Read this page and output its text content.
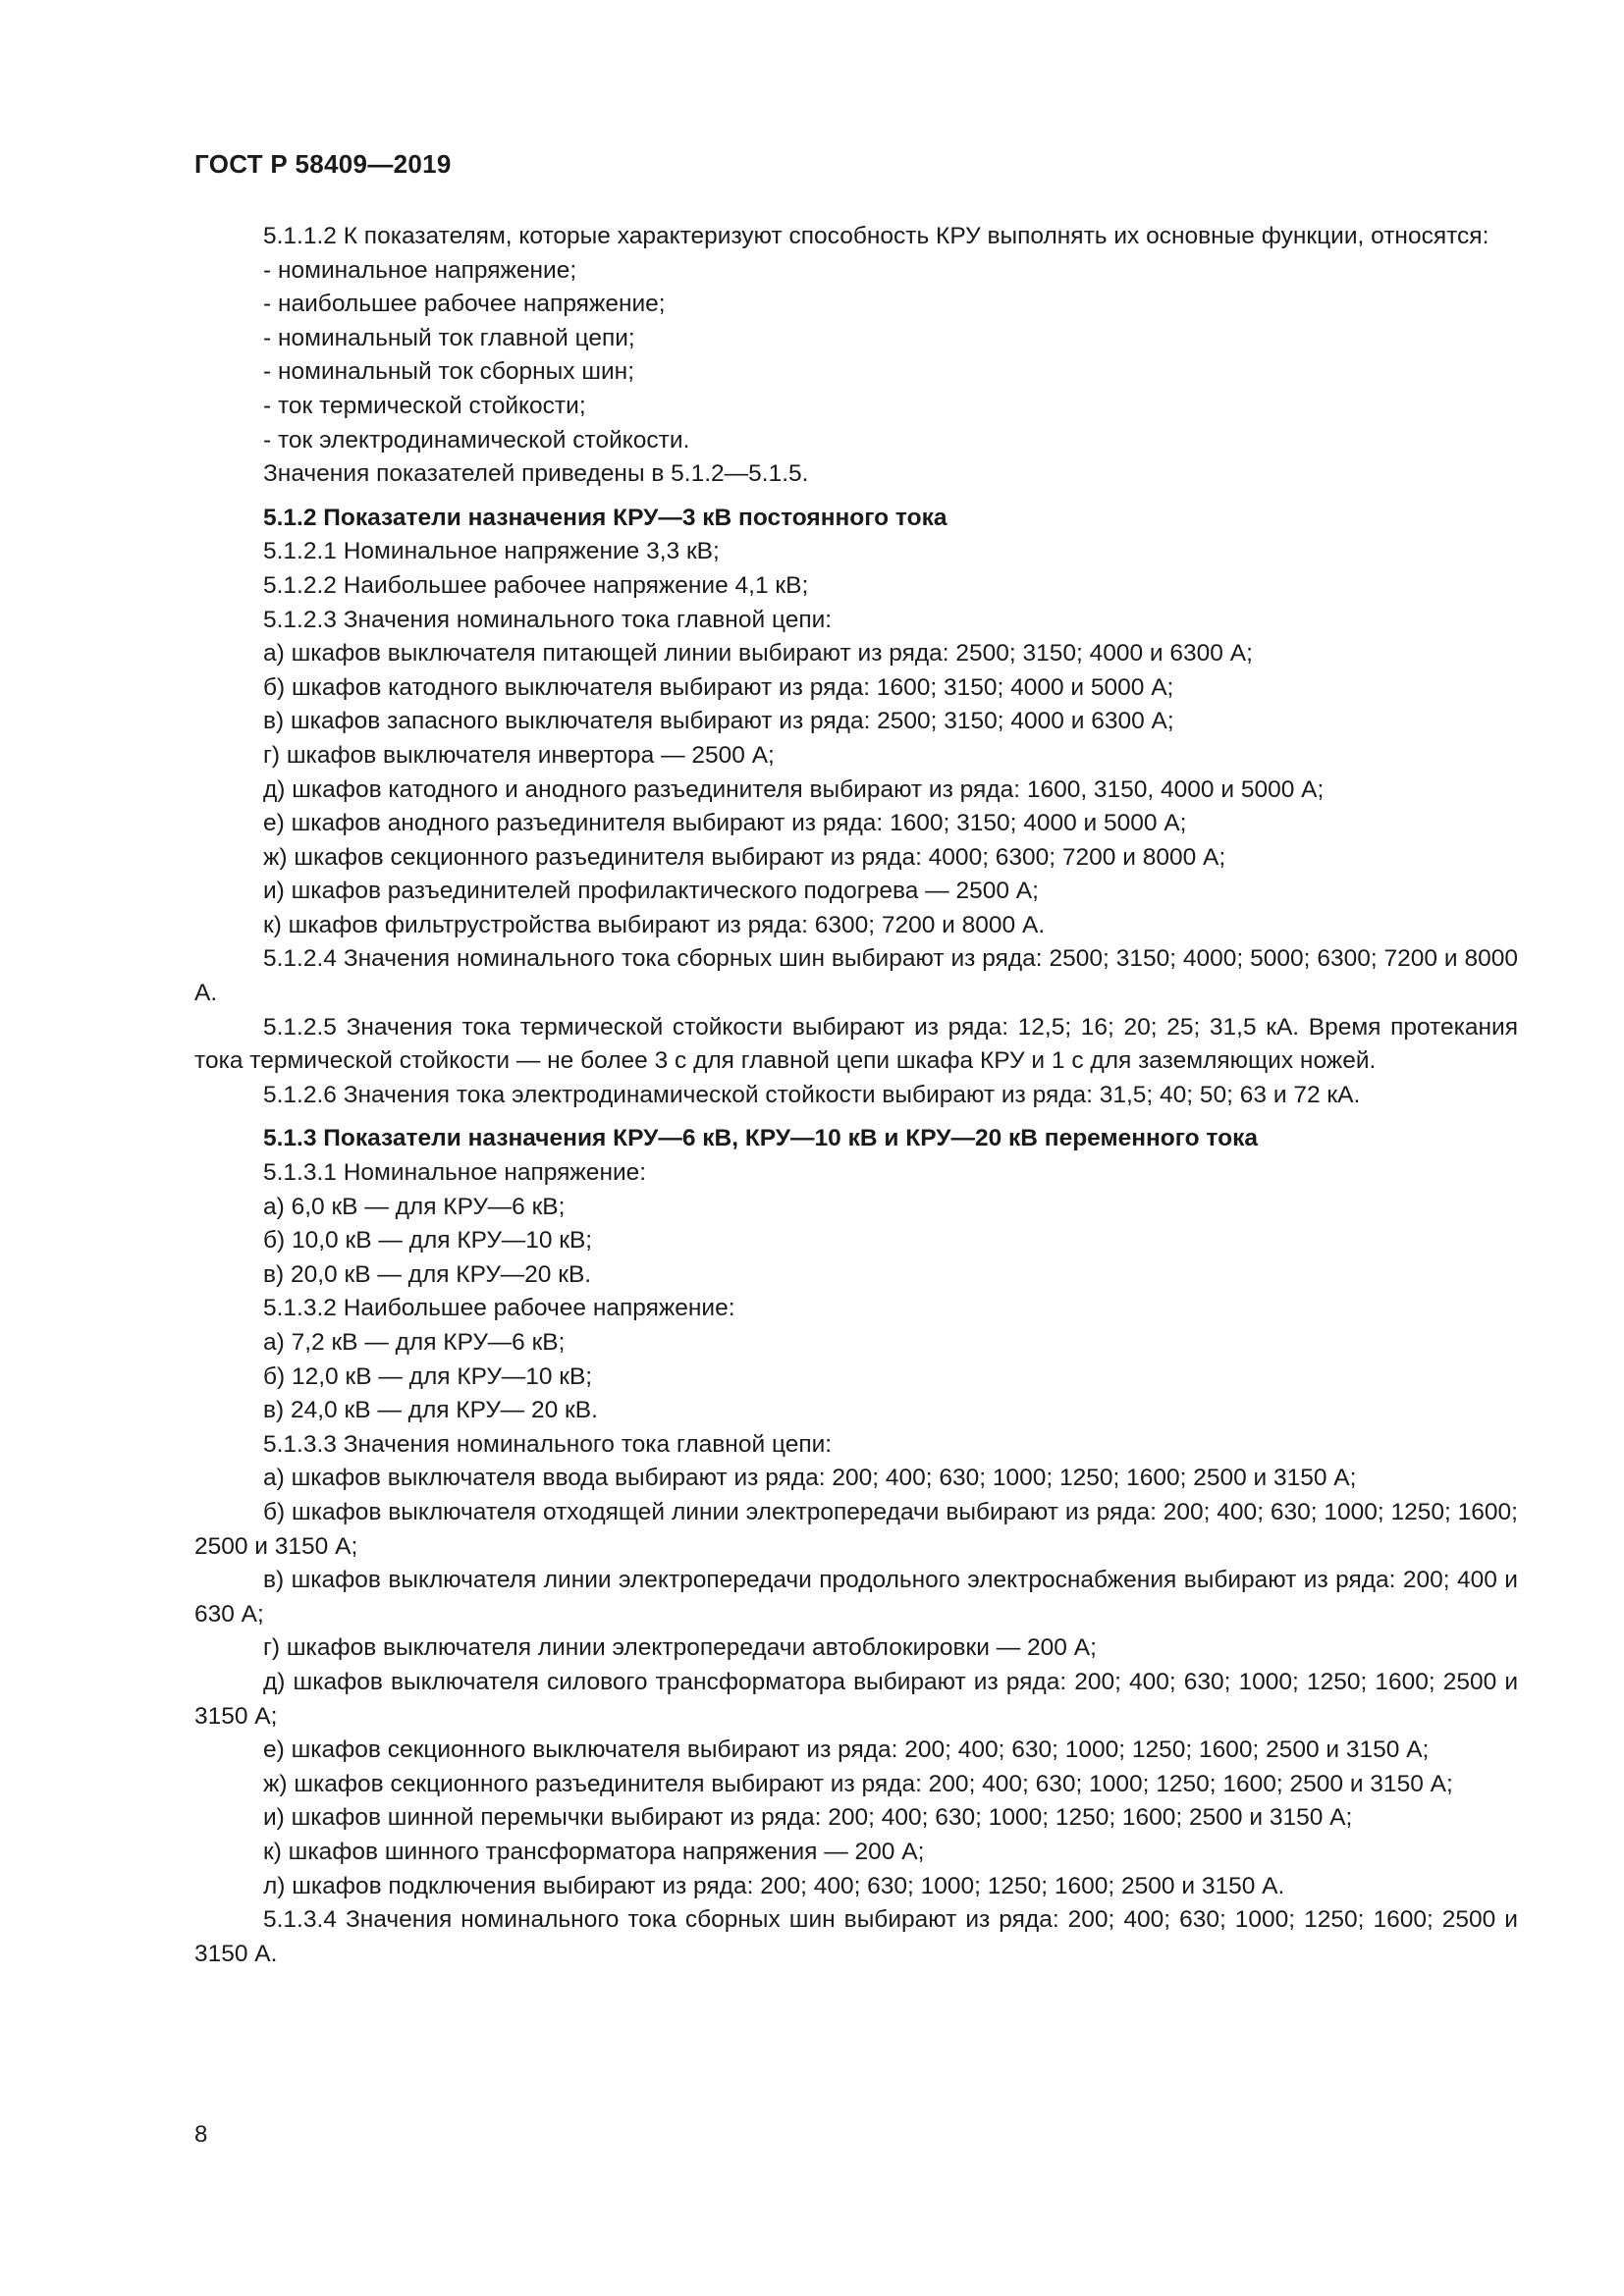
ГОСТ Р 58409—2019

5.1.1.2 К показателям, которые характеризуют способность КРУ выполнять их основные функции, относятся:

- номинальное напряжение;

- наибольшее рабочее напряжение;

- номинальный ток главной цепи;

- номинальный ток сборных шин;

- ток термической стойкости;

- ток электродинамической стойкости.

Значения показателей приведены в 5.1.2—5.1.5.

5.1.2 Показатели назначения КРУ—3 кВ постоянного тока

5.1.2.1 Номинальное напряжение 3,3 кВ;

5.1.2.2 Наибольшее рабочее напряжение 4,1 кВ;

5.1.2.3 Значения номинального тока главной цепи:

а) шкафов выключателя питающей линии выбирают из ряда: 2500; 3150; 4000 и 6300 А;

б) шкафов катодного выключателя выбирают из ряда: 1600; 3150; 4000 и 5000 А;

в) шкафов запасного выключателя выбирают из ряда: 2500; 3150; 4000 и 6300 А;

г) шкафов выключателя инвертора — 2500 А;

д) шкафов катодного и анодного разъединителя выбирают из ряда: 1600, 3150, 4000 и 5000 А;

е) шкафов анодного разъединителя выбирают из ряда: 1600; 3150; 4000 и 5000 А;

ж) шкафов секционного разъединителя выбирают из ряда: 4000; 6300; 7200 и 8000 А;

и) шкафов разъединителей профилактического подогрева — 2500 А;

к) шкафов фильтрустройства выбирают из ряда: 6300; 7200 и 8000 А.

5.1.2.4 Значения номинального тока сборных шин выбирают из ряда: 2500; 3150; 4000; 5000; 6300; 7200 и 8000 А.

5.1.2.5 Значения тока термической стойкости выбирают из ряда: 12,5; 16; 20; 25; 31,5 кА. Время протекания тока термической стойкости — не более 3 с для главной цепи шкафа КРУ и 1 с для заземляющих ножей.

5.1.2.6 Значения тока электродинамической стойкости выбирают из ряда: 31,5; 40; 50; 63 и 72 кА.

5.1.3 Показатели назначения КРУ—6 кВ, КРУ—10 кВ и КРУ—20 кВ переменного тока

5.1.3.1 Номинальное напряжение:

а) 6,0 кВ — для КРУ—6 кВ;

б) 10,0 кВ — для КРУ—10 кВ;

в) 20,0 кВ — для КРУ—20 кВ.

5.1.3.2 Наибольшее рабочее напряжение:

а) 7,2 кВ — для КРУ—6 кВ;

б) 12,0 кВ — для КРУ—10 кВ;

в) 24,0 кВ — для КРУ— 20 кВ.

5.1.3.3 Значения номинального тока главной цепи:

а) шкафов выключателя ввода выбирают из ряда: 200; 400; 630; 1000; 1250; 1600; 2500 и 3150 А;

б) шкафов выключателя отходящей линии электропередачи выбирают из ряда: 200; 400; 630; 1000; 1250; 1600; 2500 и 3150 А;

в) шкафов выключателя линии электропередачи продольного электроснабжения выбирают из ряда: 200; 400 и 630 А;

г) шкафов выключателя линии электропередачи автоблокировки — 200 А;

д) шкафов выключателя силового трансформатора выбирают из ряда: 200; 400; 630; 1000; 1250; 1600; 2500 и 3150 А;

е) шкафов секционного выключателя выбирают из ряда: 200; 400; 630; 1000; 1250; 1600; 2500 и 3150 А;

ж) шкафов секционного разъединителя выбирают из ряда: 200; 400; 630; 1000; 1250; 1600; 2500 и 3150 А;

и) шкафов шинной перемычки выбирают из ряда: 200; 400; 630; 1000; 1250; 1600; 2500 и 3150 А;

к) шкафов шинного трансформатора напряжения — 200 А;

л) шкафов подключения выбирают из ряда: 200; 400; 630; 1000; 1250; 1600; 2500 и 3150 А.

5.1.3.4 Значения номинального тока сборных шин выбирают из ряда: 200; 400; 630; 1000; 1250; 1600; 2500 и 3150 А.

8
